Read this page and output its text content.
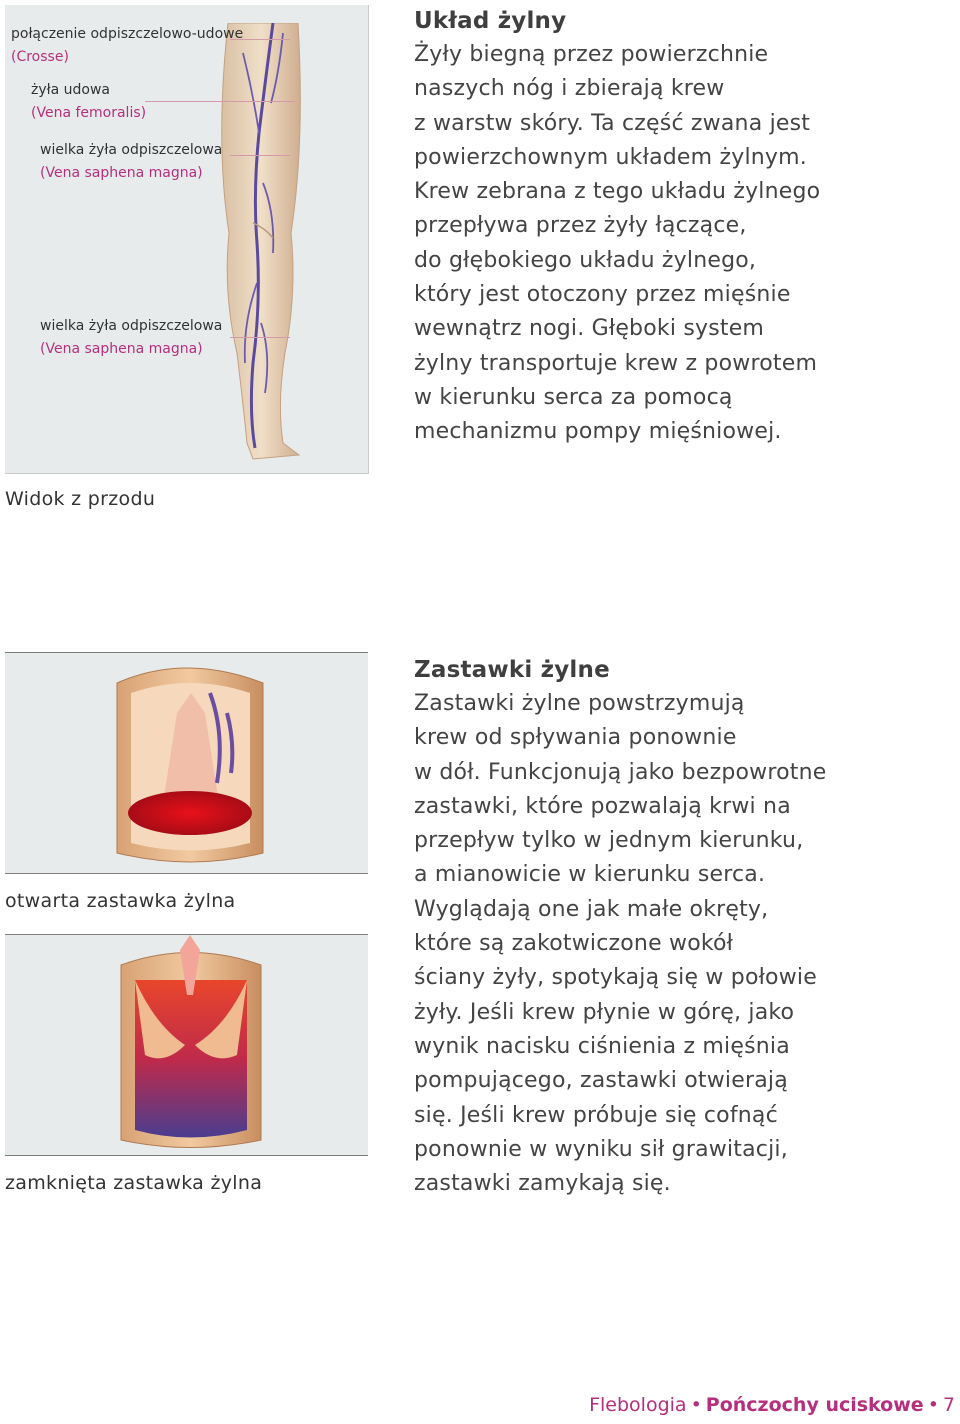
połączenie odpiszczelowo-udowe
(Crosse)
żyła udowa
(Vena femoralis)
wielka żyła odpiszczelowa
(Vena saphena magna)
wielka żyła odpiszczelowa
(Vena saphena magna)
Widok z przodu
Układ żylny
Żyły biegną przez powierzchnie
naszych nóg i zbierają krew
z warstw skóry. Ta część zwana jest
powierzchownym układem żylnym.
Krew zebrana z tego układu żylnego
przepływa przez żyły łączące,
do głębokiego układu żylnego,
który jest otoczony przez mięśnie
wewnątrz nogi. Głęboki system
żylny transportuje krew z powrotem
w kierunku serca za pomocą
mechanizmu pompy mięśniowej.
otwarta zastawka żylna
zamknięta zastawka żylna
Zastawki żylne
Zastawki żylne powstrzymują
krew od spływania ponownie
w dół. Funkcjonują jako bezpowrotne
zastawki, które pozwalają krwi na
przepływ tylko w jednym kierunku,
a mianowicie w kierunku serca.
Wyglądają one jak małe okręty,
które są zakotwiczone wokół
ściany żyły, spotykają się w połowie
żyły. Jeśli krew płynie w górę, jako
wynik nacisku ciśnienia z mięśnia
pompującego, zastawki otwierają
się. Jeśli krew próbuje się cofnąć
ponownie w wyniku sił grawitacji,
zastawki zamykają się.
Flebologia • Pończochy uciskowe • 7
